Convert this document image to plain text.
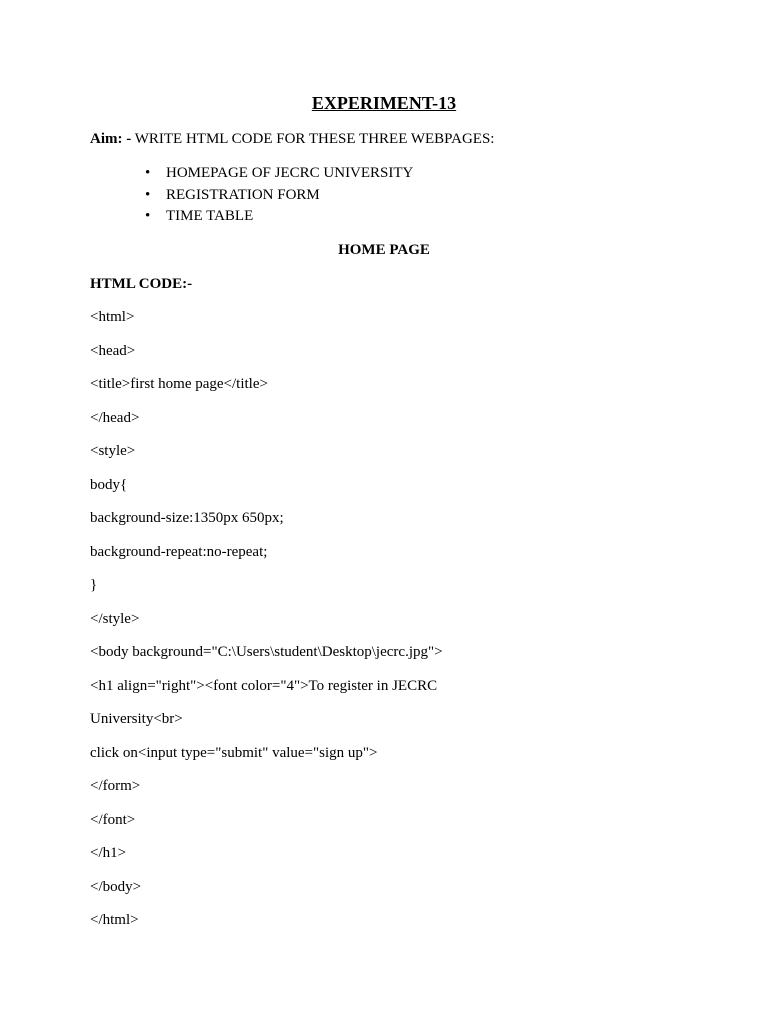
EXPERIMENT-13
Aim: - WRITE HTML CODE FOR THESE THREE WEBPAGES:
• HOMEPAGE OF JECRC UNIVERSITY
• REGISTRATION FORM
• TIME TABLE
HOME PAGE
HTML CODE:-
<html>
<head>
<title>first home page</title>
</head>
<style>
body{
background-size:1350px 650px;
background-repeat:no-repeat;
}
</style>
<body background="C:\Users\student\Desktop\jecrc.jpg">
<h1 align="right"><font color="4">To register in JECRC
University<br>
click on<input type="submit" value="sign up">
</form>
</font>
</h1>
</body>
</html>
